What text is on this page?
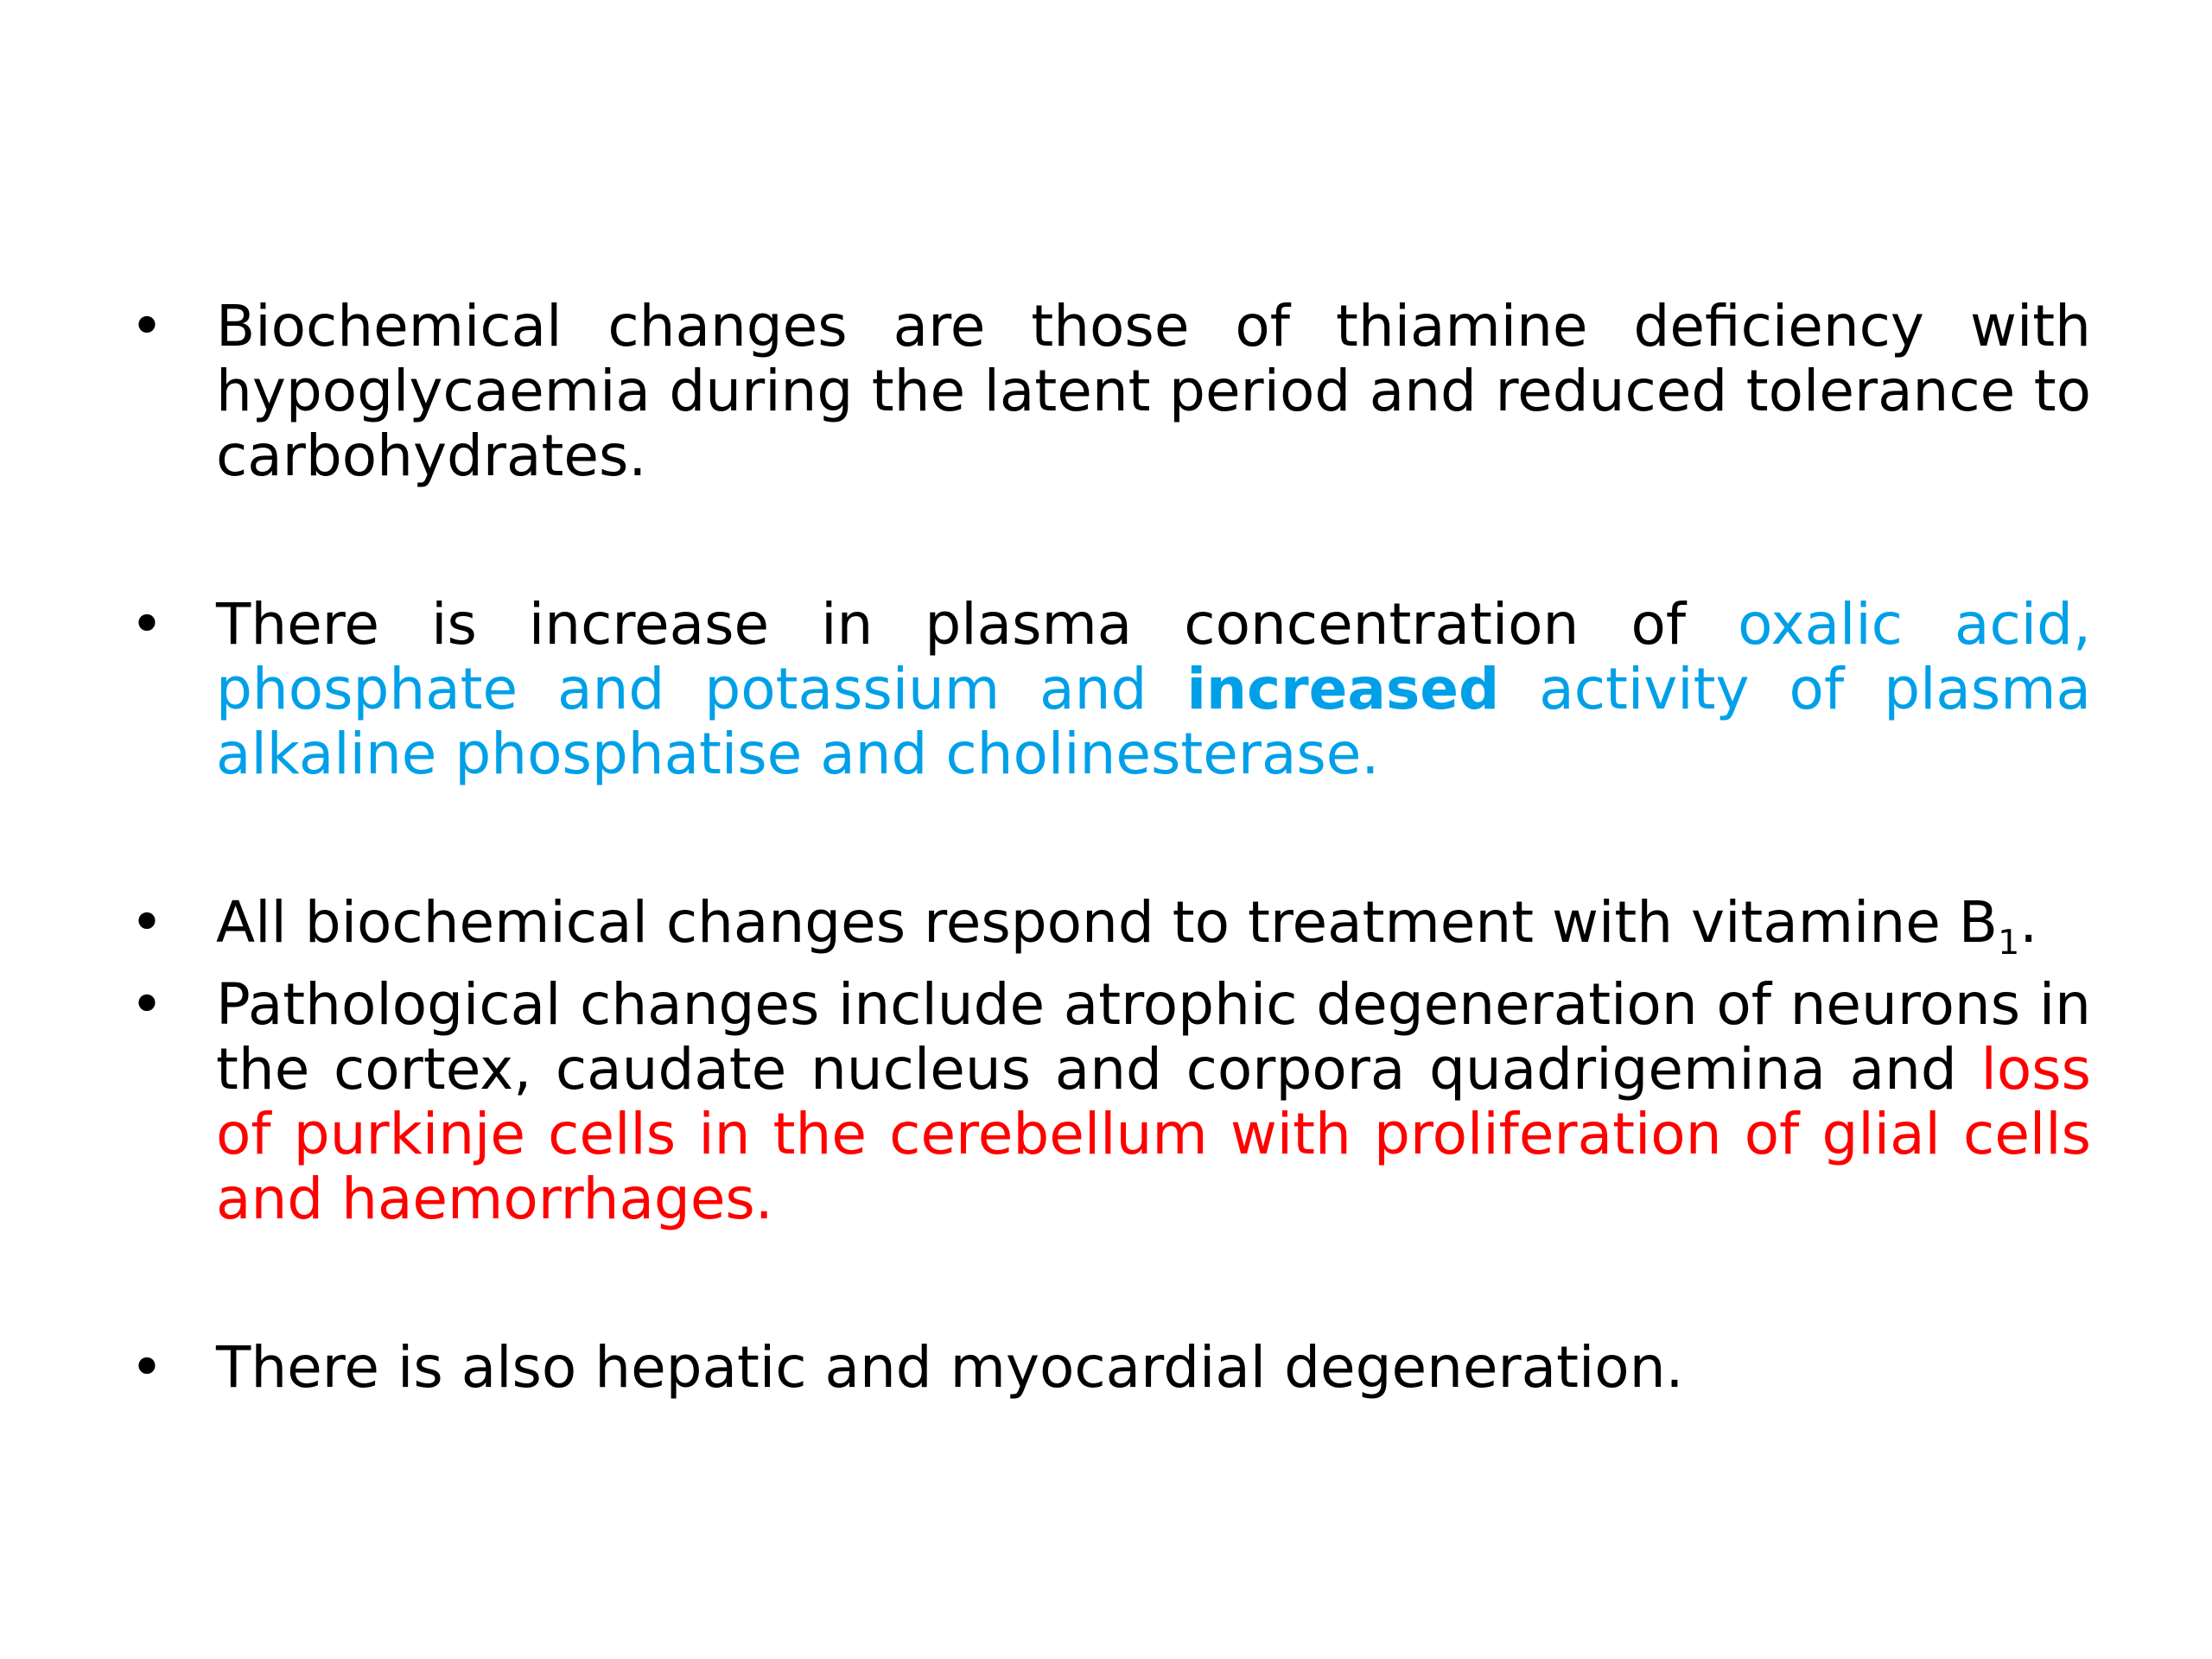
• Biochemical changes are those of thiamine deficiency with hypoglycaemia during the latent period and reduced tolerance to carbohydrates.
• There is increase in plasma concentration of oxalic acid, phosphate and potassium and increased activity of plasma alkaline phosphatise and cholinesterase.
• All biochemical changes respond to treatment with vitamine $B_1$.
• Pathological changes include atrophic degeneration of neurons in the cortex, caudate nucleus and corpora quadrigemina and loss of purkinje cells in the cerebellum with proliferation of glial cells and haemorrhages.
• There is also hepatic and myocardial degeneration.
